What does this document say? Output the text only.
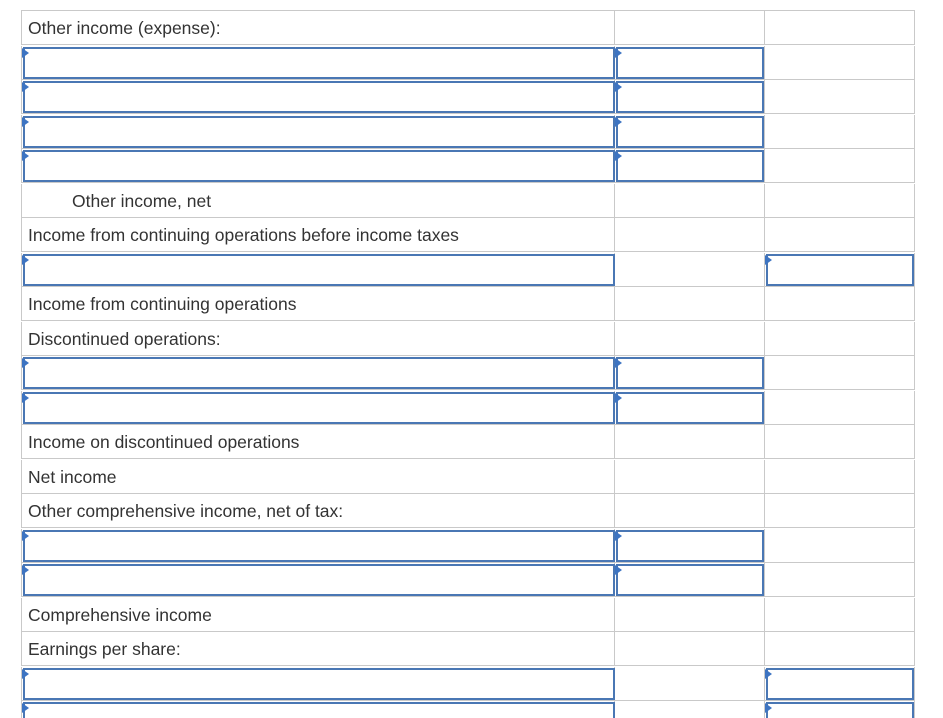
Other income (expense):
Other income, net
Income from continuing operations before income taxes
Income from continuing operations
Discontinued operations:
Income on discontinued operations
Net income
Other comprehensive income, net of tax:
Comprehensive income
Earnings per share:
